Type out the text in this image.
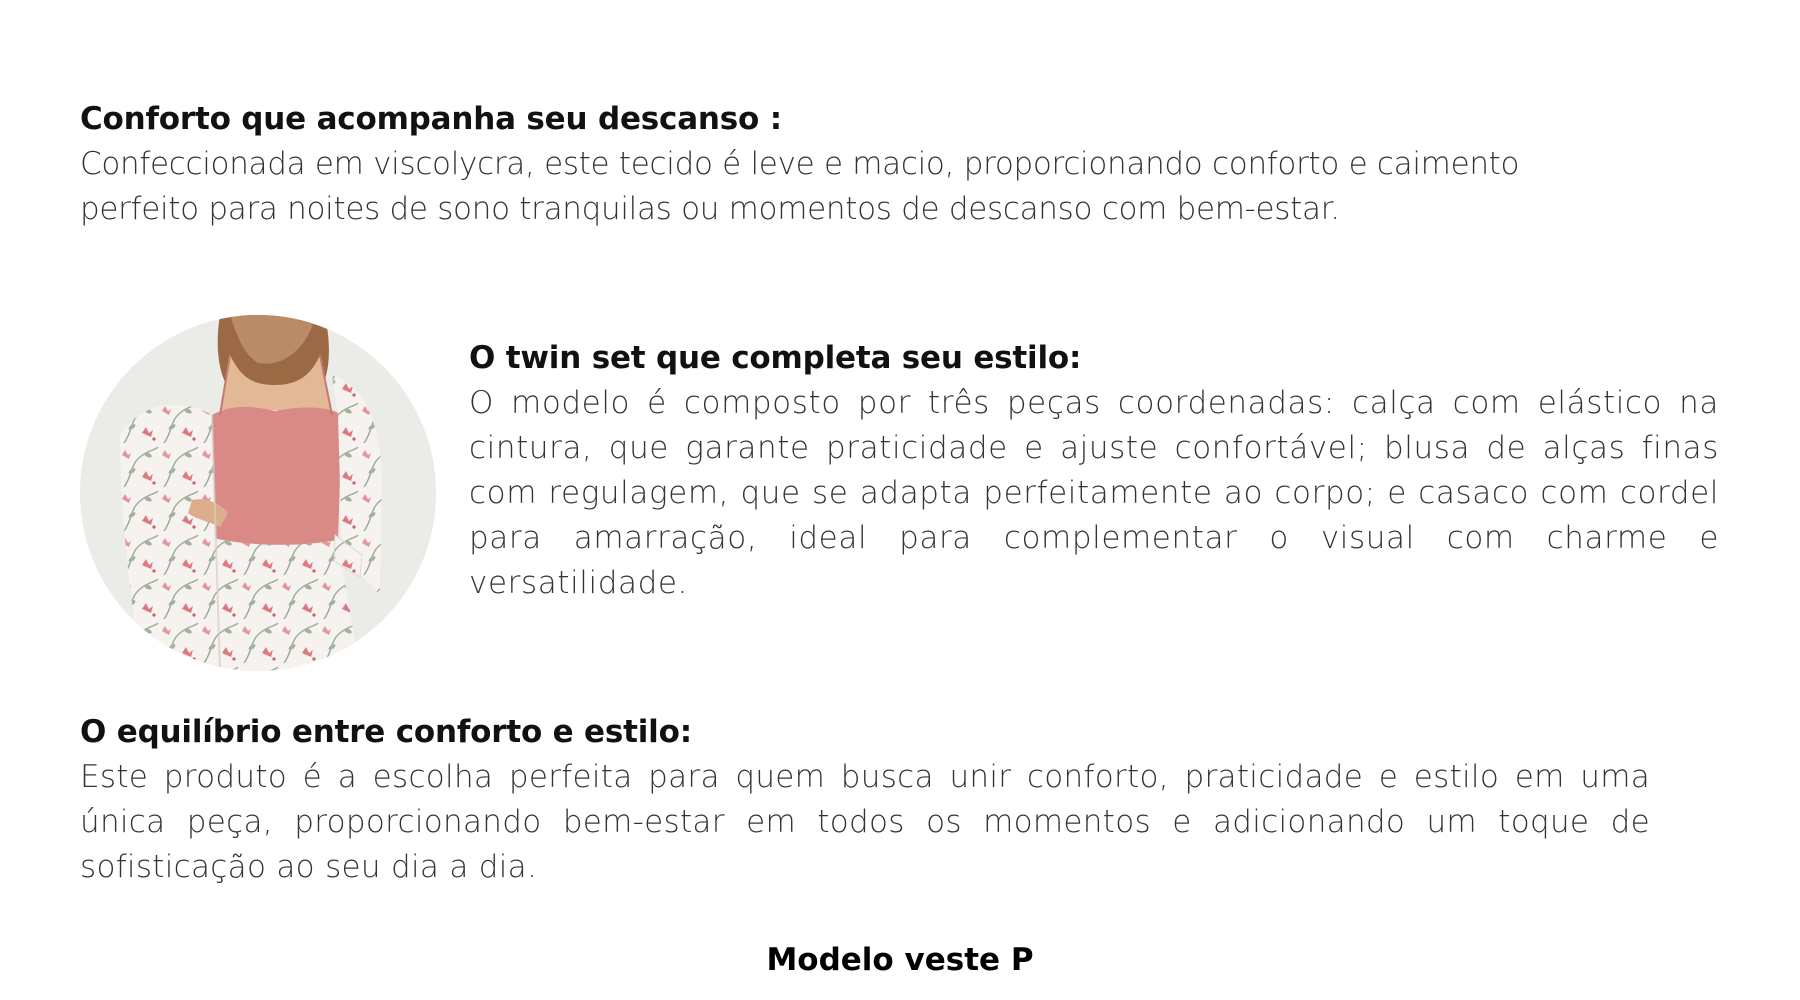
Conforto que acompanha seu descanso :

Confeccionada em viscolycra, este tecido é leve e macio, proporcionando conforto e caimento perfeito para noites de sono tranquilas ou momentos de descanso com bem-estar.

O twin set que completa seu estilo:

O modelo é composto por três peças coordenadas: calça com elástico na cintura, que garante praticidade e ajuste confortável; blusa de alças finas com regulagem, que se adapta perfeitamente ao corpo; e casaco com cordel para amarração, ideal para complementar o visual com charme e versatilidade.

O equilíbrio entre conforto e estilo:

Este produto é a escolha perfeita para quem busca unir conforto, praticidade e estilo em uma única peça, proporcionando bem-estar em todos os momentos e adicionando um toque de sofisticação ao seu dia a dia.

Modelo veste P
